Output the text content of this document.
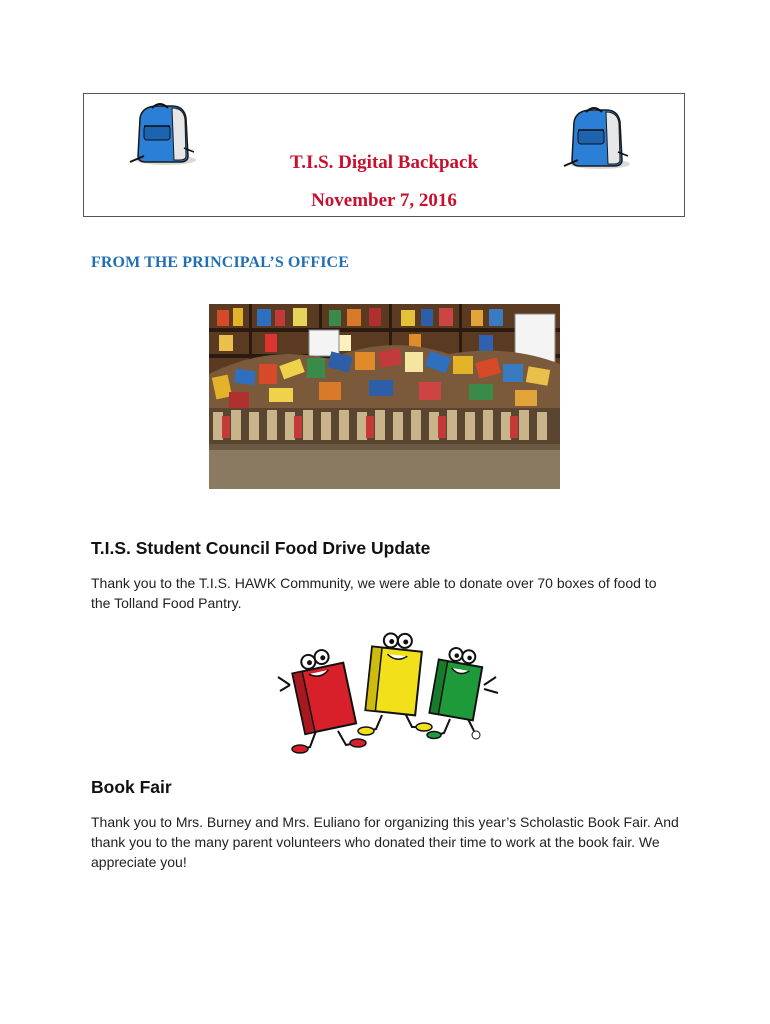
T.I.S. Digital Backpack
November 7, 2016
FROM THE PRINCIPAL’S OFFICE
T.I.S. Student Council Food Drive Update
Thank you to the T.I.S. HAWK Community, we were able to donate over 70 boxes of food to the Tolland Food Pantry.
Book Fair
Thank you to Mrs. Burney and Mrs. Euliano for organizing this year’s Scholastic Book Fair. And thank you to the many parent volunteers who donated their time to work at the book fair. We appreciate you!
